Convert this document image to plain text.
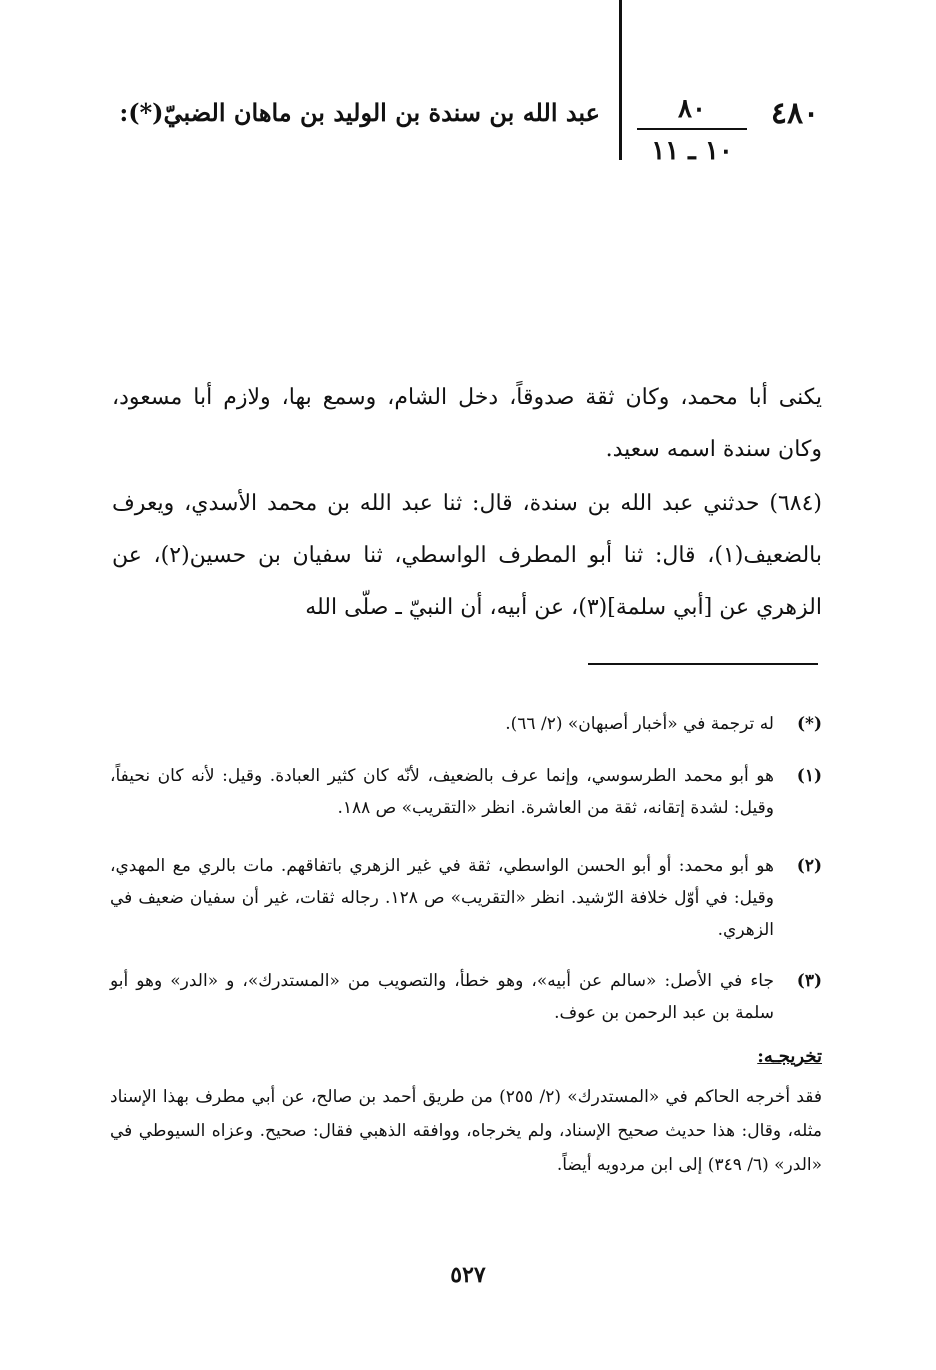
٤٨٠
٨٠
١٠ ـ ١١
عبد الله بن سندة بن الوليد بن ماهان الضبيّ(*):
يكنى أبا محمد، وكان ثقة صدوقاً، دخل الشام، وسمع بها، ولازم أبا مسعود، وكان سندة اسمه سعيد.
(٦٨٤) حدثني عبد الله بن سندة، قال: ثنا عبد الله بن محمد الأسدي، ويعرف بالضعيف(١)، قال: ثنا أبو المطرف الواسطي، ثنا سفيان بن حسين(٢)، عن الزهري عن [أبي سلمة](٣)، عن أبيه، أن النبيّ ـ صلّى الله
(*)
له ترجمة في «أخبار أصبهان» (٢/ ٦٦).
(١)
هو أبو محمد الطرسوسي، وإنما عرف بالضعيف، لأنّه كان كثير العبادة. وقيل: لأنه كان نحيفاً، وقيل: لشدة إتقانه، ثقة من العاشرة. انظر «التقريب» ص ١٨٨.
(٢)
هو أبو محمد: أو أبو الحسن الواسطي، ثقة في غير الزهري باتفاقهم. مات بالري مع المهدي، وقيل: في أوّل خلافة الرّشيد. انظر «التقريب» ص ١٢٨. رجاله ثقات، غير أن سفيان ضعيف في الزهري.
(٣)
جاء في الأصل: «سالم عن أبيه»، وهو خطأ، والتصويب من «المستدرك»، و «الدر» وهو أبو سلمة بن عبد الرحمن بن عوف.
تخريجـه:
فقد أخرجه الحاكم في «المستدرك» (٢/ ٢٥٥) من طريق أحمد بن صالح، عن أبي مطرف بهذا الإسناد مثله، وقال: هذا حديث صحيح الإسناد، ولم يخرجاه، ووافقه الذهبي فقال: صحيح. وعزاه السيوطي في «الدر» (٦/ ٣٤٩) إلى ابن مردويه أيضاً.
٥٢٧
